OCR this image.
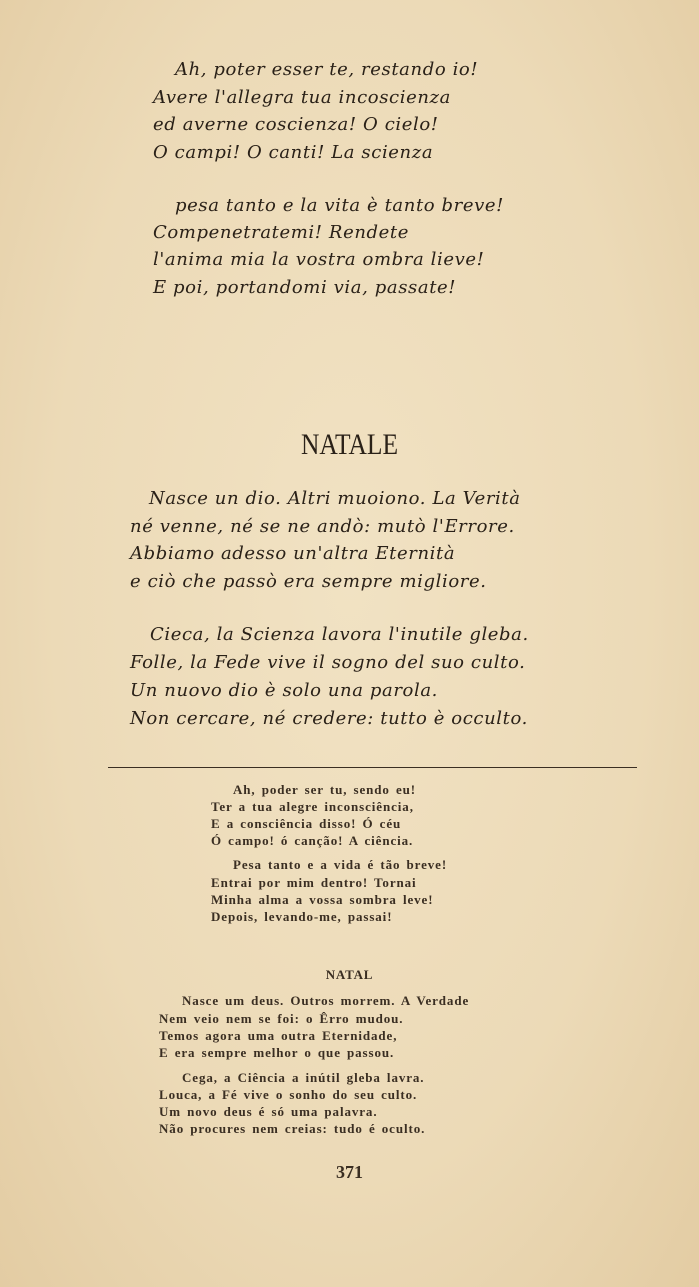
Ah, poter esser te, restando io!
Avere l'allegra tua incoscienza
ed averne coscienza! O cielo!
O campi! O canti! La scienza
pesa tanto e la vita è tanto breve!
Compenetratemi! Rendete
l'anima mia la vostra ombra lieve!
E poi, portandomi via, passate!
NATALE
Nasce un dio. Altri muoiono. La Verità
né venne, né se ne andò: mutò l'Errore.
Abbiamo adesso un'altra Eternità
e ciò che passò era sempre migliore.
Cieca, la Scienza lavora l'inutile gleba.
Folle, la Fede vive il sogno del suo culto.
Un nuovo dio è solo una parola.
Non cercare, né credere: tutto è occulto.
Ah, poder ser tu, sendo eu!
Ter a tua alegre inconsciência,
E a consciência disso! Ó céu
Ó campo! ó canção! A ciência.
Pesa tanto e a vida é tão breve!
Entrai por mim dentro! Tornai
Minha alma a vossa sombra leve!
Depois, levando-me, passai!
NATAL
Nasce um deus. Outros morrem. A Verdade
Nem veio nem se foi: o Êrro mudou.
Temos agora uma outra Eternidade,
E era sempre melhor o que passou.
Cega, a Ciência a inútil gleba lavra.
Louca, a Fé vive o sonho do seu culto.
Um novo deus é só uma palavra.
Não procures nem creias: tudo é oculto.
371
